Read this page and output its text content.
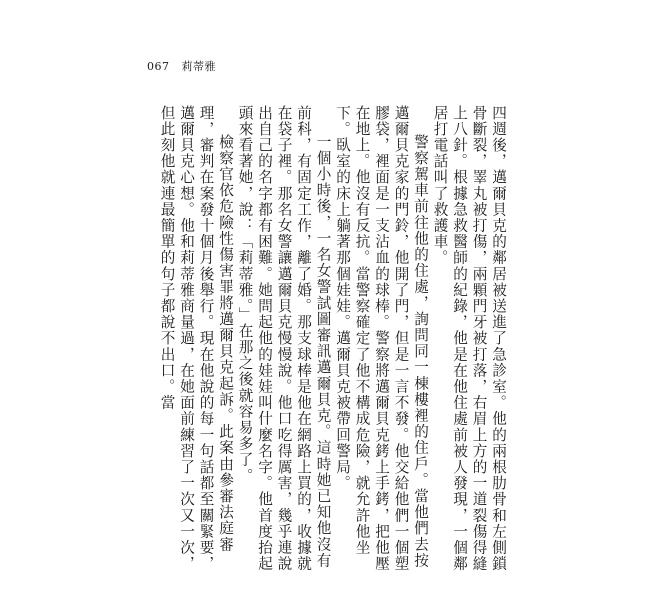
067 莉蒂雅

四週後，邁爾貝克的鄰居被送進了急診室。他的兩根肋骨和左側鎖骨斷裂，睪丸被打傷，兩顆門牙被打落，右眉上方的一道裂傷得縫上八針。根據急救醫師的紀錄，他是在他住處前被人發現，一個鄰居打電話叫了救護車。

警察駕車前往他的住處，詢問同一棟樓裡的住戶。當他們去按邁爾貝克家的門鈴，他開了門，但是一言不發。他交給他們一個塑膠袋，裡面是一支沾血的球棒。警察將邁爾貝克銬上手銬，把他壓在地上。他沒有反抗。當警察確定了他不構成危險，就允許他坐下。臥室的床上躺著那個娃娃。邁爾貝克被帶回警局。

一個小時後，一名女警試圖審訊邁爾貝克。這時她已知他沒有前科，有固定工作，離了婚。那支球棒是他在網路上買的，收據就在袋子裡。那名女警讓邁爾貝克慢慢說。他口吃得厲害，幾乎連說出自己的名字都有困難。她問起他的娃娃叫什麼名字。他首度抬起頭來看著她，說：「莉蒂雅。」在那之後就容易多了。

檢察官依危險性傷害罪將邁爾貝克起訴。此案由參審法庭審理，審判在案發十個月後舉行。現在他說的每一句話都至關緊要，邁爾貝克心想。他和莉蒂雅商量過，在她面前練習了一次又一次，但此刻他就連最簡單的句子都說不出口。當
